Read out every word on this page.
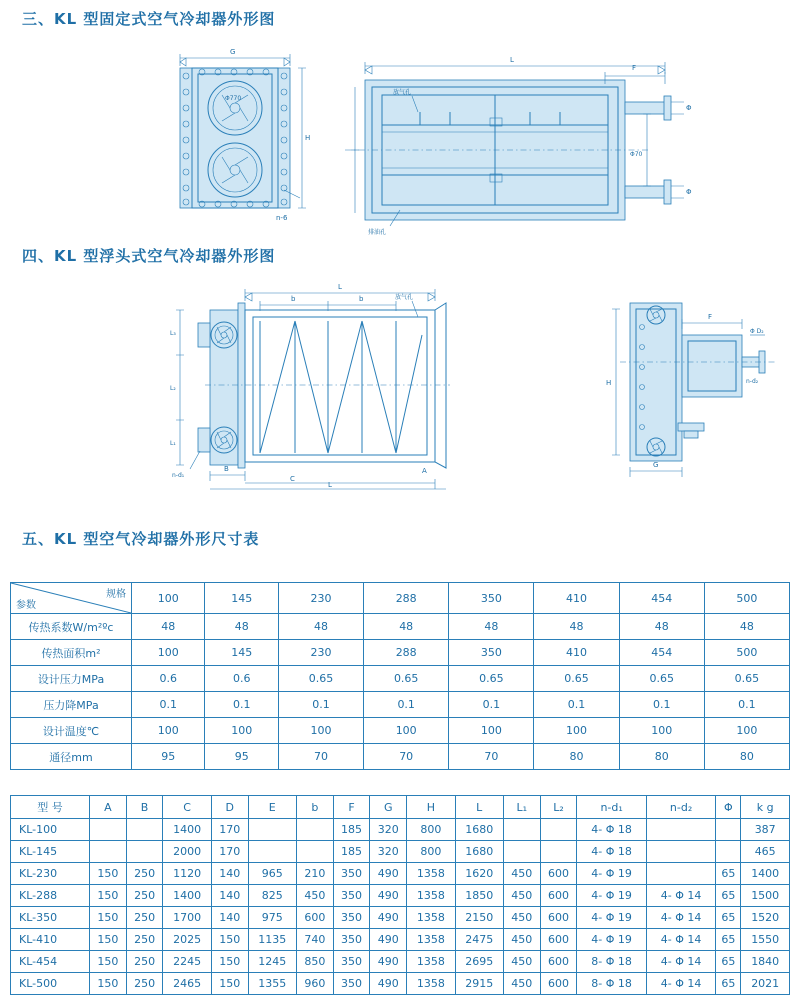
三、KL 型固定式空气冷却器外形图
Φ770
G
H
n-6
Φ
Φ
L
F
Φ70
放气孔
排油孔
四、KL 型浮头式空气冷却器外形图
L
b	b	放气孔
L₃
L₂
L₁
n-d₁
B
C
A
L
F
Φ D₂
n-d₂
H
G
五、KL 型空气冷却器外形尺寸表
规格
参数	100	145	230	288	350	410	454	500
传热系数W/m²ºc	48	48	48	48	48	48	48	48
传热面积m²	100	145	230	288	350	410	454	500
设计压力MPa	0.6	0.6	0.65	0.65	0.65	0.65	0.65	0.65
压力降MPa	0.1	0.1	0.1	0.1	0.1	0.1	0.1	0.1
设计温度℃	100	100	100	100	100	100	100	100
通径mm	95	95	70	70	70	80	80	80
型 号	A	B	C	D	E	b	F	G	H	L	L₁	L₂	n-d₁	n-d₂	Φ	k g
KL-100			1400	170			185	320	800	1680			4- Φ 18			387
KL-145			2000	170			185	320	800	1680			4- Φ 18			465
KL-230	150	250	1120	140	965	210	350	490	1358	1620	450	600	4- Φ 19		65	1400
KL-288	150	250	1400	140	825	450	350	490	1358	1850	450	600	4- Φ 19	4- Φ 14	65	1500
KL-350	150	250	1700	140	975	600	350	490	1358	2150	450	600	4- Φ 19	4- Φ 14	65	1520
KL-410	150	250	2025	150	1135	740	350	490	1358	2475	450	600	4- Φ 19	4- Φ 14	65	1550
KL-454	150	250	2245	150	1245	850	350	490	1358	2695	450	600	8- Φ 18	4- Φ 14	65	1840
KL-500	150	250	2465	150	1355	960	350	490	1358	2915	450	600	8- Φ 18	4- Φ 14	65	2021
